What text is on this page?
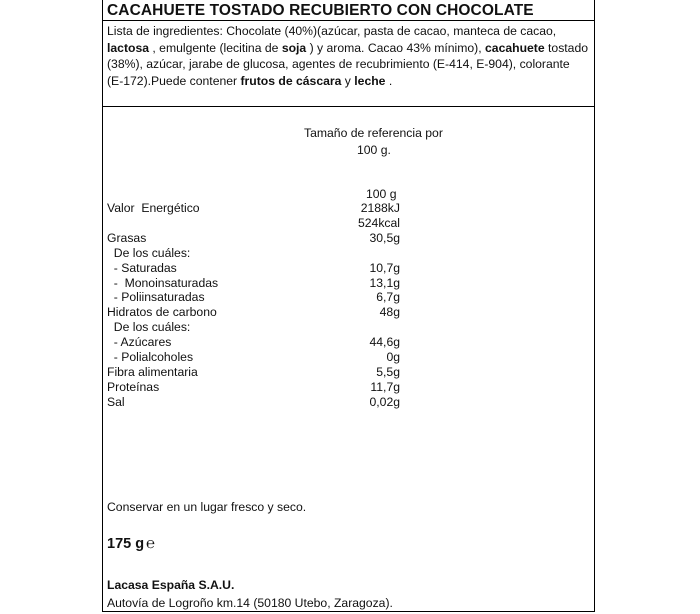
CACAHUETE TOSTADO RECUBIERTO CON CHOCOLATE
Lista de ingredientes: Chocolate (40%)(azúcar, pasta de cacao, manteca de cacao, lactosa , emulgente (lecitina de soja ) y aroma. Cacao 43% mínimo), cacahuete tostado (38%), azúcar, jarabe de glucosa, agentes de recubrimiento (E-414, E-904), colorante (E-172).Puede contener frutos de cáscara y leche .
Tamaño de referencia por
100 g.
100 g
Valor  Energético	2188kJ
524kcal
Grasas	30,5g
De los cuáles:
- Saturadas	10,7g
-  Monoinsaturadas	13,1g
- Poliinsaturadas	6,7g
Hidratos de carbono	48g
De los cuáles:
- Azúcares	44,6g
- Polialcoholes	0g
Fibra alimentaria	5,5g
Proteínas	11,7g
Sal	0,02g
Conservar en un lugar fresco y seco.
175 g ℮
Lacasa España S.A.U.
Autovía de Logroño km.14 (50180 Utebo, Zaragoza).
